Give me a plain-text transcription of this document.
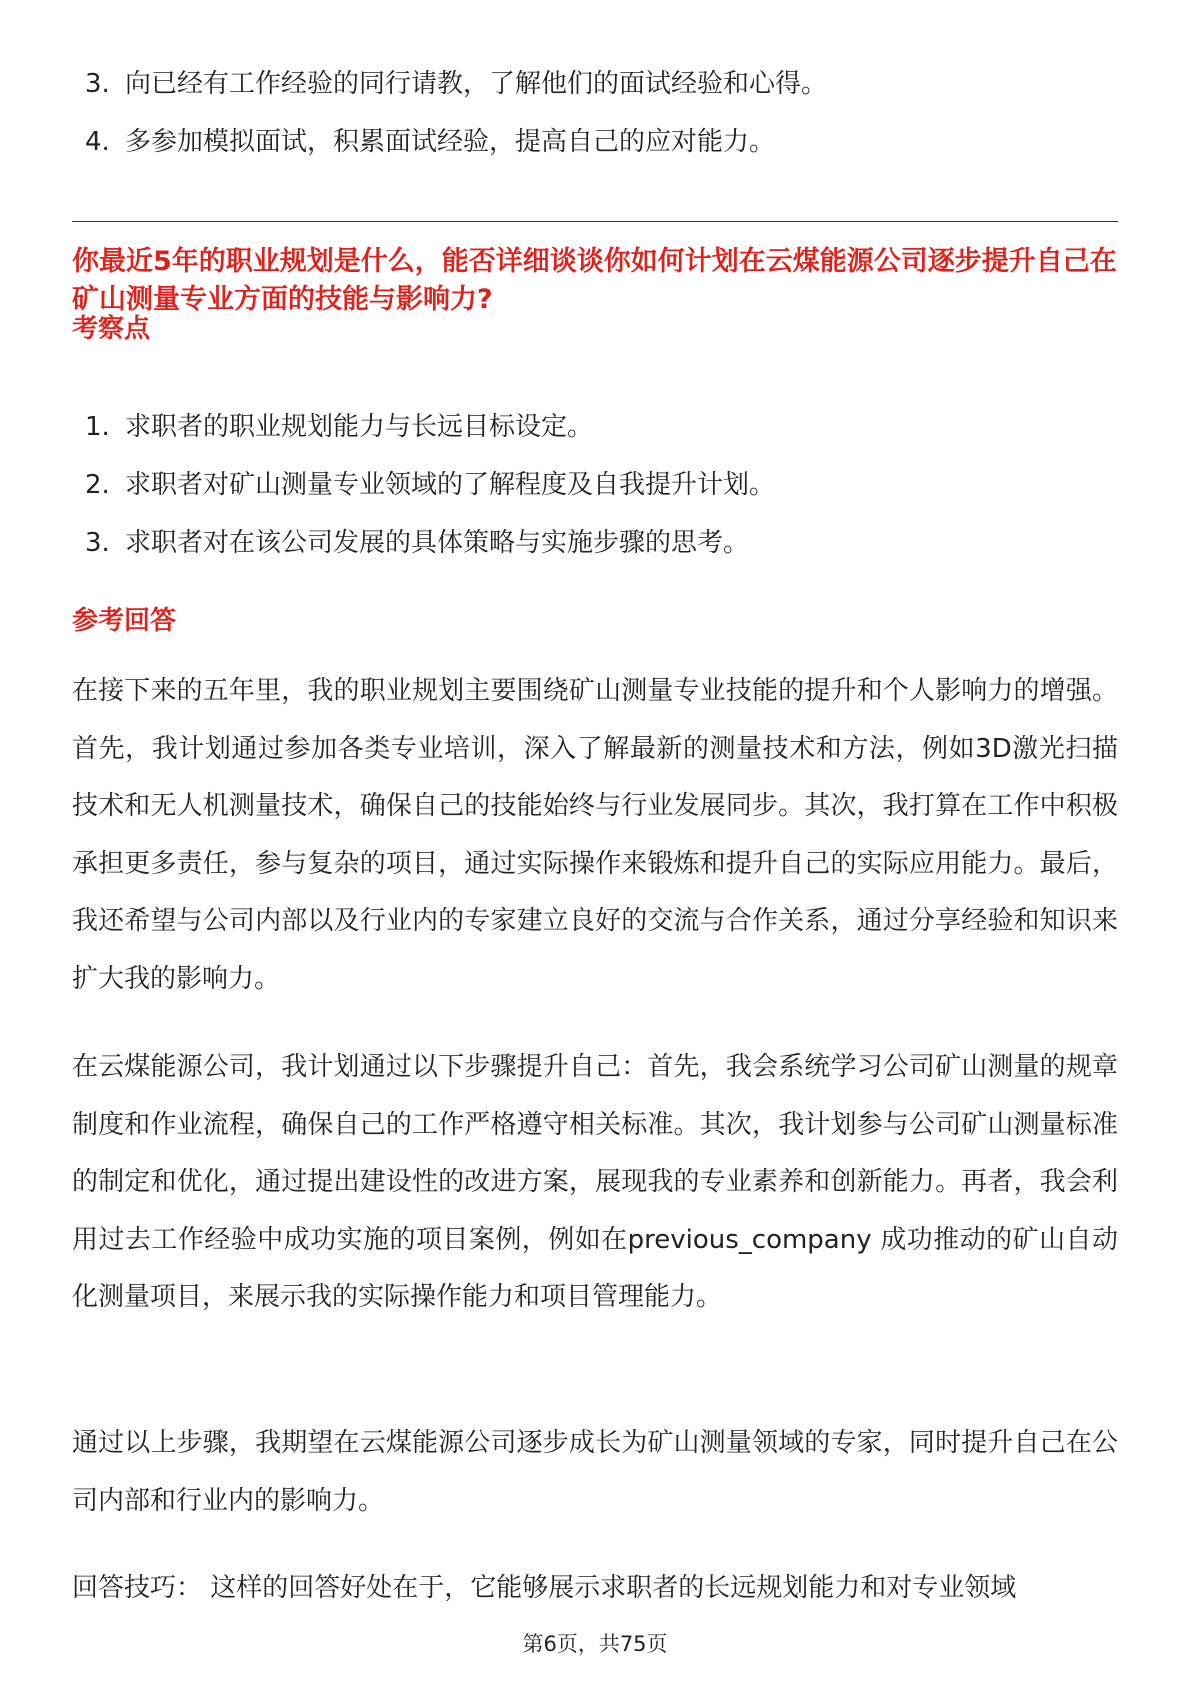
3. 向已经有工作经验的同行请教，了解他们的面试经验和心得。
4. 多参加模拟面试，积累面试经验，提高自己的应对能力。
你最近5年的职业规划是什么，能否详细谈谈你如何计划在云煤能源公司逐步提升自己在矿山测量专业方面的技能与影响力?
考察点
1. 求职者的职业规划能力与长远目标设定。
2. 求职者对矿山测量专业领域的了解程度及自我提升计划。
3. 求职者对在该公司发展的具体策略与实施步骤的思考。
参考回答

在接下来的五年里，我的职业规划主要围绕矿山测量专业技能的提升和个人影响力的增强。首先，我计划通过参加各类专业培训，深入了解最新的测量技术和方法，例如3D激光扫描技术和无人机测量技术，确保自己的技能始终与行业发展同步。其次，我打算在工作中积极承担更多责任，参与复杂的项目，通过实际操作来锻炼和提升自己的实际应用能力。最后，我还希望与公司内部以及行业内的专家建立良好的交流与合作关系，通过分享经验和知识来扩大我的影响力。

在云煤能源公司，我计划通过以下步骤提升自己：首先，我会系统学习公司矿山测量的规章制度和作业流程，确保自己的工作严格遵守相关标准。其次，我计划参与公司矿山测量标准的制定和优化，通过提出建设性的改进方案，展现我的专业素养和创新能力。再者，我会利用过去工作经验中成功实施的项目案例，例如在previous_company 成功推动的矿山自动化测量项目，来展示我的实际操作能力和项目管理能力。

通过以上步骤，我期望在云煤能源公司逐步成长为矿山测量领域的专家，同时提升自己在公司内部和行业内的影响力。

回答技巧： 这样的回答好处在于，它能够展示求职者的长远规划能力和对专业领域

第6页，共75页
